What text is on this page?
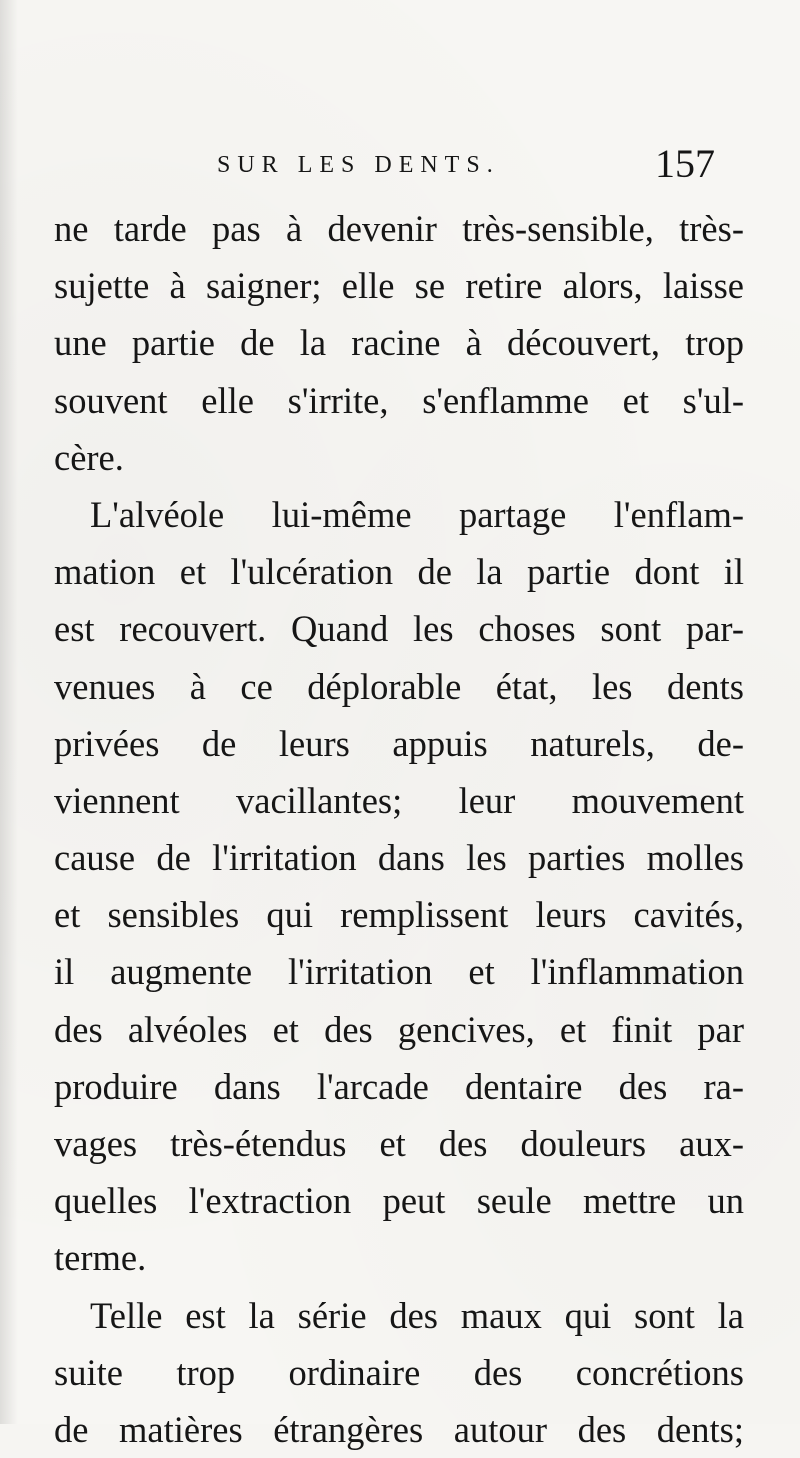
SUR LES DENTS.	157
ne tarde pas à devenir très-sensible, très-
sujette à saigner; elle se retire alors, laisse
une partie de la racine à découvert, trop
souvent elle s'irrite, s'enflamme et s'ul-
cère.
L'alvéole lui-même partage l'enflam-
mation et l'ulcération de la partie dont il
est recouvert. Quand les choses sont par-
venues à ce déplorable état, les dents
privées de leurs appuis naturels, de-
viennent vacillantes; leur mouvement
cause de l'irritation dans les parties molles
et sensibles qui remplissent leurs cavités,
il augmente l'irritation et l'inflammation
des alvéoles et des gencives, et finit par
produire dans l'arcade dentaire des ra-
vages très-étendus et des douleurs aux-
quelles l'extraction peut seule mettre un
terme.
Telle est la série des maux qui sont la
suite trop ordinaire des concrétions
de matières étrangères autour des dents;
